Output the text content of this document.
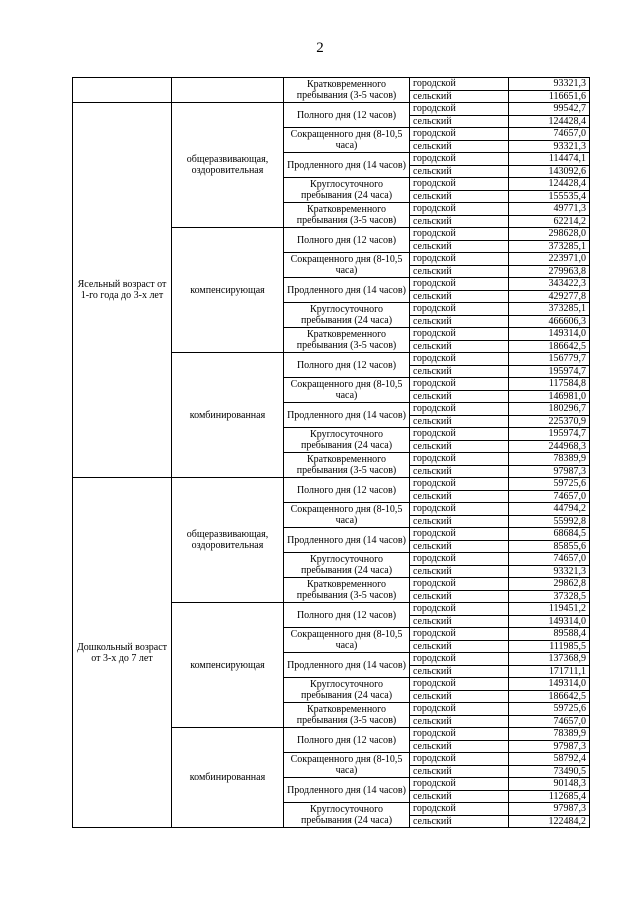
2
		Кратковременного пребывания (3-5 часов)	городской	93321,3
			сельский	116651,6
Ясельный возраст от 1-го года до 3-х лет	общеразвивающая, оздоровительная	Полного дня (12 часов)	городской	99542,7
			сельский	124428,4
		Сокращенного дня (8-10,5 часа)	городской	74657,0
			сельский	93321,3
		Продленного дня (14 часов)	городской	114474,1
			сельский	143092,6
		Круглосуточного пребывания (24 часа)	городской	124428,4
			сельский	155535,4
		Кратковременного пребывания (3-5 часов)	городской	49771,3
			сельский	62214,2
	компенсирующая	Полного дня (12 часов)	городской	298628,0
			сельский	373285,1
		Сокращенного дня (8-10,5 часа)	городской	223971,0
			сельский	279963,8
		Продленного дня (14 часов)	городской	343422,3
			сельский	429277,8
		Круглосуточного пребывания (24 часа)	городской	373285,1
			сельский	466606,3
		Кратковременного пребывания (3-5 часов)	городской	149314,0
			сельский	186642,5
	комбинированная	Полного дня (12 часов)	городской	156779,7
			сельский	195974,7
		Сокращенного дня (8-10,5 часа)	городской	117584,8
			сельский	146981,0
		Продленного дня (14 часов)	городской	180296,7
			сельский	225370,9
		Круглосуточного пребывания (24 часа)	городской	195974,7
			сельский	244968,3
		Кратковременного пребывания (3-5 часов)	городской	78389,9
			сельский	97987,3
Дошкольный возраст от 3-х до 7 лет	общеразвивающая, оздоровительная	Полного дня (12 часов)	городской	59725,6
			сельский	74657,0
		Сокращенного дня (8-10,5 часа)	городской	44794,2
			сельский	55992,8
		Продленного дня (14 часов)	городской	68684,5
			сельский	85855,6
		Круглосуточного пребывания (24 часа)	городской	74657,0
			сельский	93321,3
		Кратковременного пребывания (3-5 часов)	городской	29862,8
			сельский	37328,5
	компенсирующая	Полного дня (12 часов)	городской	119451,2
			сельский	149314,0
		Сокращенного дня (8-10,5 часа)	городской	89588,4
			сельский	111985,5
		Продленного дня (14 часов)	городской	137368,9
			сельский	171711,1
		Круглосуточного пребывания (24 часа)	городской	149314,0
			сельский	186642,5
		Кратковременного пребывания (3-5 часов)	городской	59725,6
			сельский	74657,0
	комбинированная	Полного дня (12 часов)	городской	78389,9
			сельский	97987,3
		Сокращенного дня (8-10,5 часа)	городской	58792,4
			сельский	73490,5
		Продленного дня (14 часов)	городской	90148,3
			сельский	112685,4
		Круглосуточного пребывания (24 часа)	городской	97987,3
			сельский	122484,2
